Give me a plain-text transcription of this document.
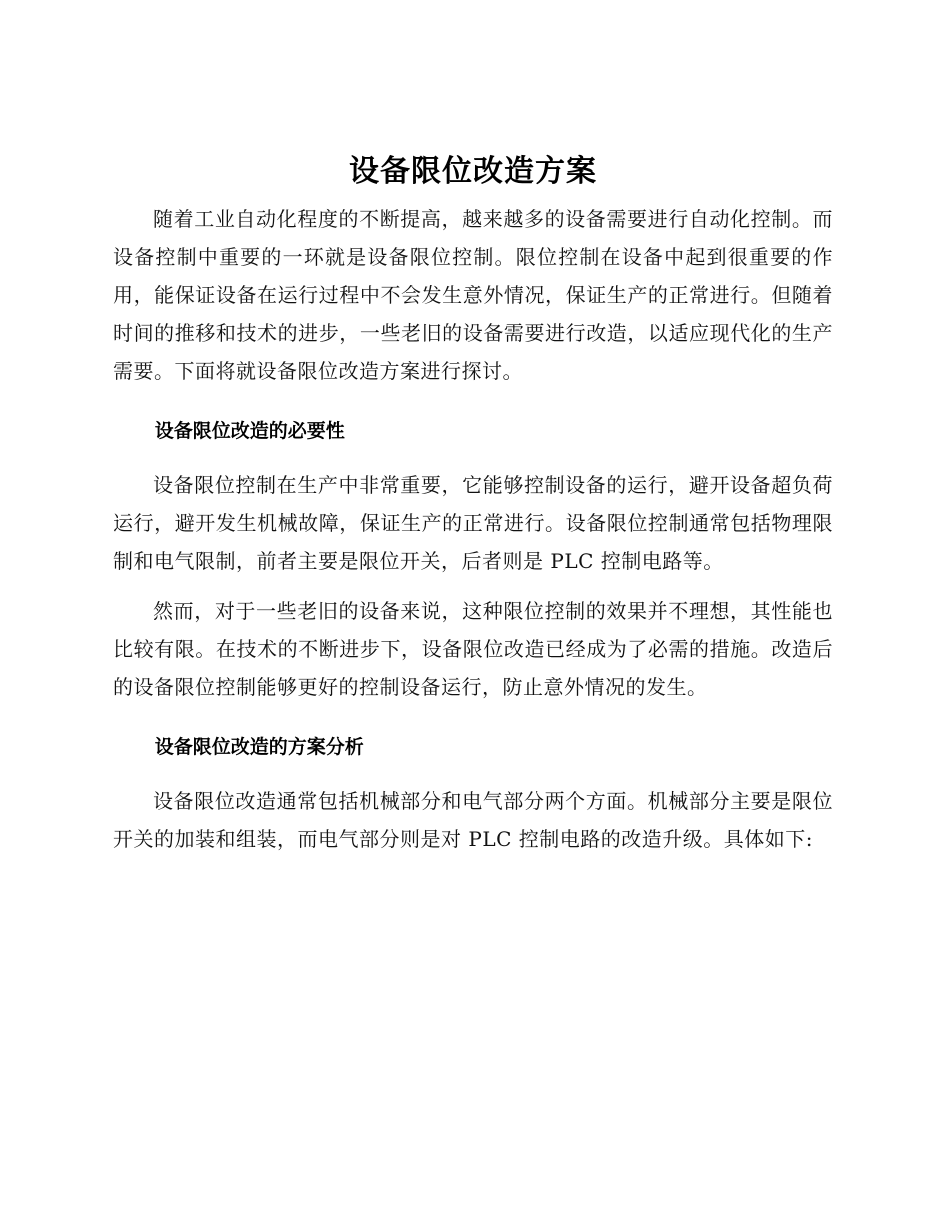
设备限位改造方案

随着工业自动化程度的不断提高，越来越多的设备需要进行自动化控制。而设备控制中重要的一环就是设备限位控制。限位控制在设备中起到很重要的作用，能保证设备在运行过程中不会发生意外情况，保证生产的正常进行。但随着时间的推移和技术的进步，一些老旧的设备需要进行改造，以适应现代化的生产需要。下面将就设备限位改造方案进行探讨。

设备限位改造的必要性

设备限位控制在生产中非常重要，它能够控制设备的运行，避开设备超负荷运行，避开发生机械故障，保证生产的正常进行。设备限位控制通常包括物理限制和电气限制，前者主要是限位开关，后者则是 PLC 控制电路等。

然而，对于一些老旧的设备来说，这种限位控制的效果并不理想，其性能也比较有限。在技术的不断进步下，设备限位改造已经成为了必需的措施。改造后的设备限位控制能够更好的控制设备运行，防止意外情况的发生。

设备限位改造的方案分析

设备限位改造通常包括机械部分和电气部分两个方面。机械部分主要是限位开关的加装和组装，而电气部分则是对 PLC 控制电路的改造升级。具体如下:
